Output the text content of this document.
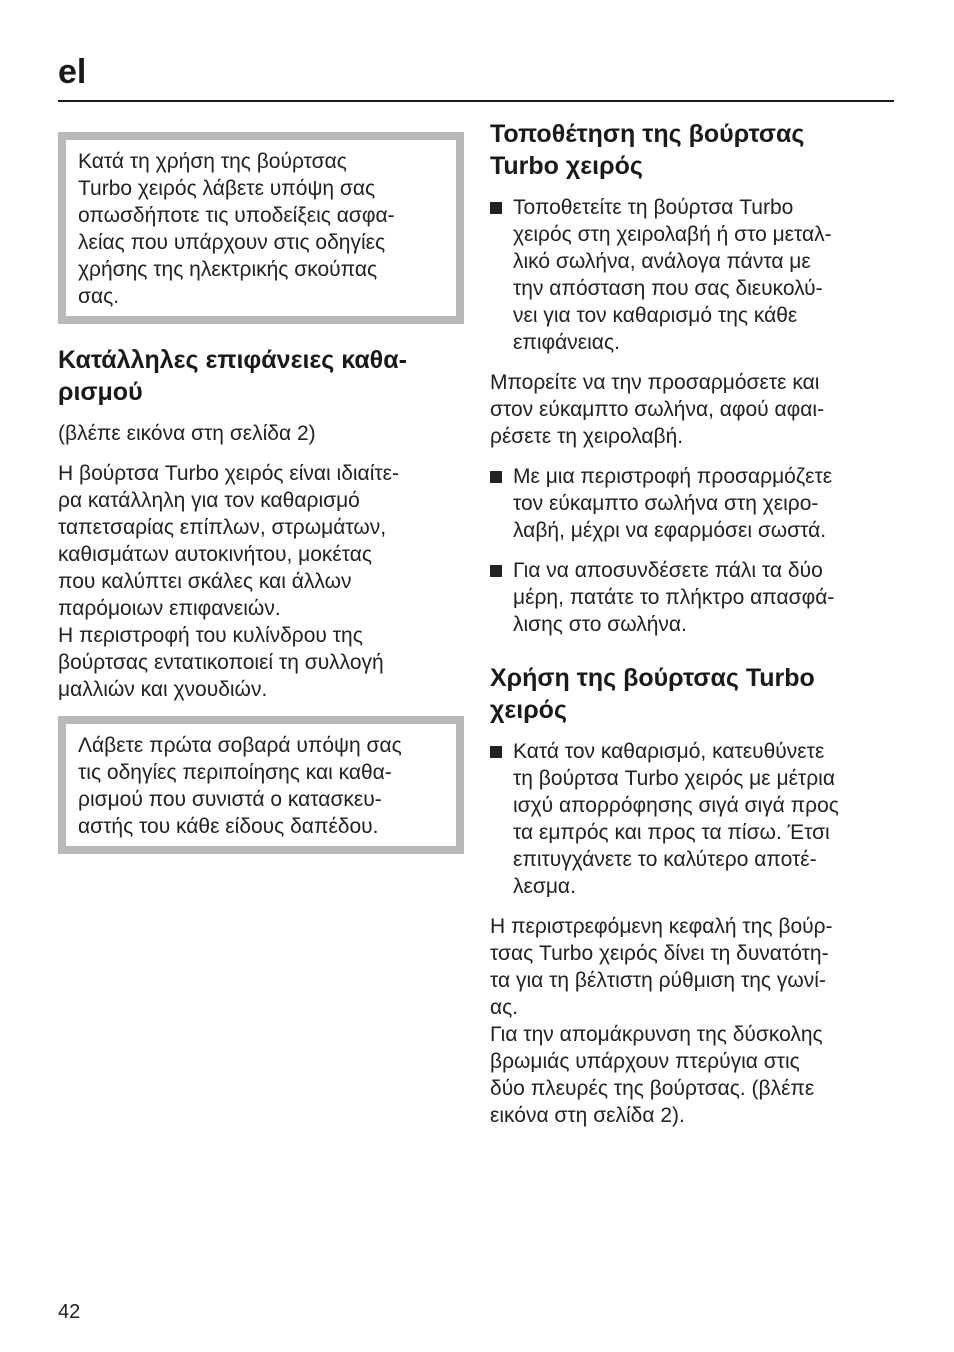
el

Κατά τη χρήση της βούρτσας
Turbo χειρός λάβετε υπόψη σας
οπωσδήποτε τις υποδείξεις ασφα-
λείας που υπάρχουν στις οδηγίες
χρήσης της ηλεκτρικής σκούπας
σας.

Κατάλληλες επιφάνειες καθα-
ρισμού

(βλέπε εικόνα στη σελίδα 2)

Η βούρτσα Turbo χειρός είναι ιδιαίτε-
ρα κατάλληλη για τον καθαρισμό
ταπετσαρίας επίπλων, στρωμάτων,
καθισμάτων αυτοκινήτου, μοκέτας
που καλύπτει σκάλες και άλλων
παρόμοιων επιφανειών.
Η περιστροφή του κυλίνδρου της
βούρτσας εντατικοποιεί τη συλλογή
μαλλιών και χνουδιών.

Λάβετε πρώτα σοβαρά υπόψη σας
τις οδηγίες περιποίησης και καθα-
ρισμού που συνιστά ο κατασκευ-
αστής του κάθε είδους δαπέδου.

Τοποθέτηση της βούρτσας
Turbo χειρός

Τοποθετείτε τη βούρτσα Turbo
χειρός στη χειρολαβή ή στο μεταλ-
λικό σωλήνα, ανάλογα πάντα με
την απόσταση που σας διευκολύ-
νει για τον καθαρισμό της κάθε
επιφάνειας.

Μπορείτε να την προσαρμόσετε και
στον εύκαμπτο σωλήνα, αφού αφαι-
ρέσετε τη χειρολαβή.

Με μια περιστροφή προσαρμόζετε
τον εύκαμπτο σωλήνα στη χειρο-
λαβή, μέχρι να εφαρμόσει σωστά.

Για να αποσυνδέσετε πάλι τα δύο
μέρη, πατάτε το πλήκτρο απασφά-
λισης στο σωλήνα.

Χρήση της βούρτσας Turbo
χειρός

Κατά τον καθαρισμό, κατευθύνετε
τη βούρτσα Turbo χειρός με μέτρια
ισχύ απορρόφησης σιγά σιγά προς
τα εμπρός και προς τα πίσω. Έτσι
επιτυγχάνετε το καλύτερο αποτέ-
λεσμα.

Η περιστρεφόμενη κεφαλή της βούρ-
τσας Turbo χειρός δίνει τη δυνατότη-
τα για τη βέλτιστη ρύθμιση της γωνί-
ας.
Για την απομάκρυνση της δύσκολης
βρωμιάς υπάρχουν πτερύγια στις
δύο πλευρές της βούρτσας. (βλέπε
εικόνα στη σελίδα 2).

42
